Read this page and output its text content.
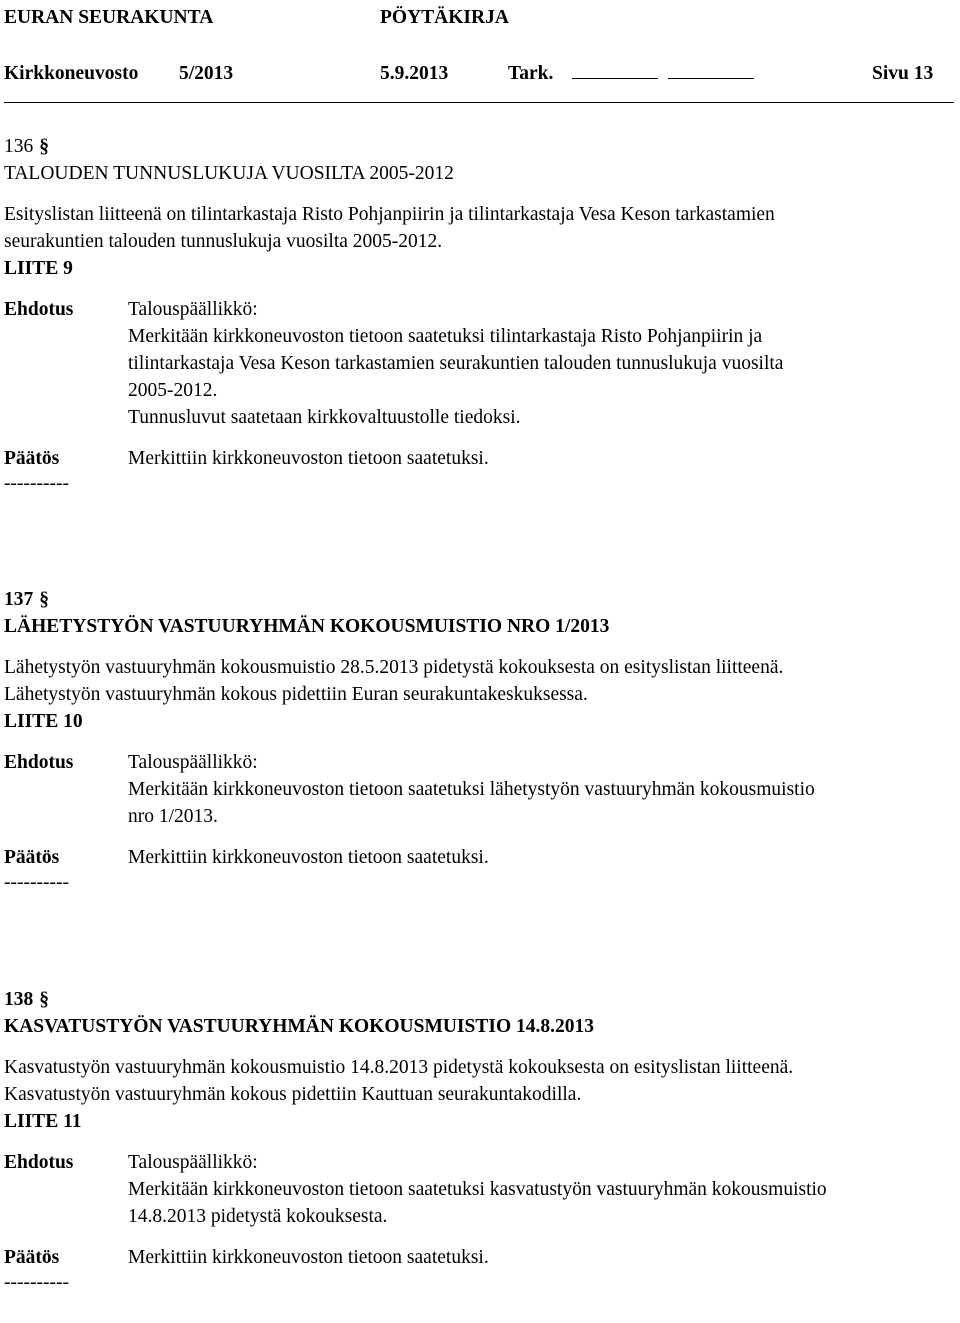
EURAN SEURAKUNTA	PÖYTÄKIRJA
Kirkkoneuvosto 5/2013	5.9.2013	Tark.	Sivu 13
136 §
TALOUDEN TUNNUSLUKUJA VUOSILTA 2005-2012
Esityslistan liitteenä on tilintarkastaja Risto Pohjanpiirin ja tilintarkastaja Vesa Keson tarkastamien
seurakuntien talouden tunnuslukuja vuosilta 2005-2012.
LIITE 9
Ehdotus	Talouspäällikkö:
Merkitään kirkkoneuvoston tietoon saatetuksi tilintarkastaja Risto Pohjanpiirin ja
tilintarkastaja Vesa Keson tarkastamien seurakuntien talouden tunnuslukuja vuosilta
2005-2012.
Tunnusluvut saatetaan kirkkovaltuustolle tiedoksi.
Päätös	Merkittiin kirkkoneuvoston tietoon saatetuksi.
----------
137 §
LÄHETYSTYÖN VASTUURYHMÄN KOKOUSMUISTIO NRO 1/2013
Lähetystyön vastuuryhmän kokousmuistio 28.5.2013 pidetystä kokouksesta on esityslistan liitteenä.
Lähetystyön vastuuryhmän kokous pidettiin Euran seurakuntakeskuksessa.
LIITE 10
Ehdotus	Talouspäällikkö:
Merkitään kirkkoneuvoston tietoon saatetuksi lähetystyön vastuuryhmän kokousmuistio
nro 1/2013.
Päätös	Merkittiin kirkkoneuvoston tietoon saatetuksi.
----------
138 §
KASVATUSTYÖN VASTUURYHMÄN KOKOUSMUISTIO 14.8.2013
Kasvatustyön vastuuryhmän kokousmuistio 14.8.2013 pidetystä kokouksesta on esityslistan liitteenä.
Kasvatustyön vastuuryhmän kokous pidettiin Kauttuan seurakuntakodilla.
LIITE 11
Ehdotus	Talouspäällikkö:
Merkitään kirkkoneuvoston tietoon saatetuksi kasvatustyön vastuuryhmän kokousmuistio
14.8.2013 pidetystä kokouksesta.
Päätös	Merkittiin kirkkoneuvoston tietoon saatetuksi.
----------
